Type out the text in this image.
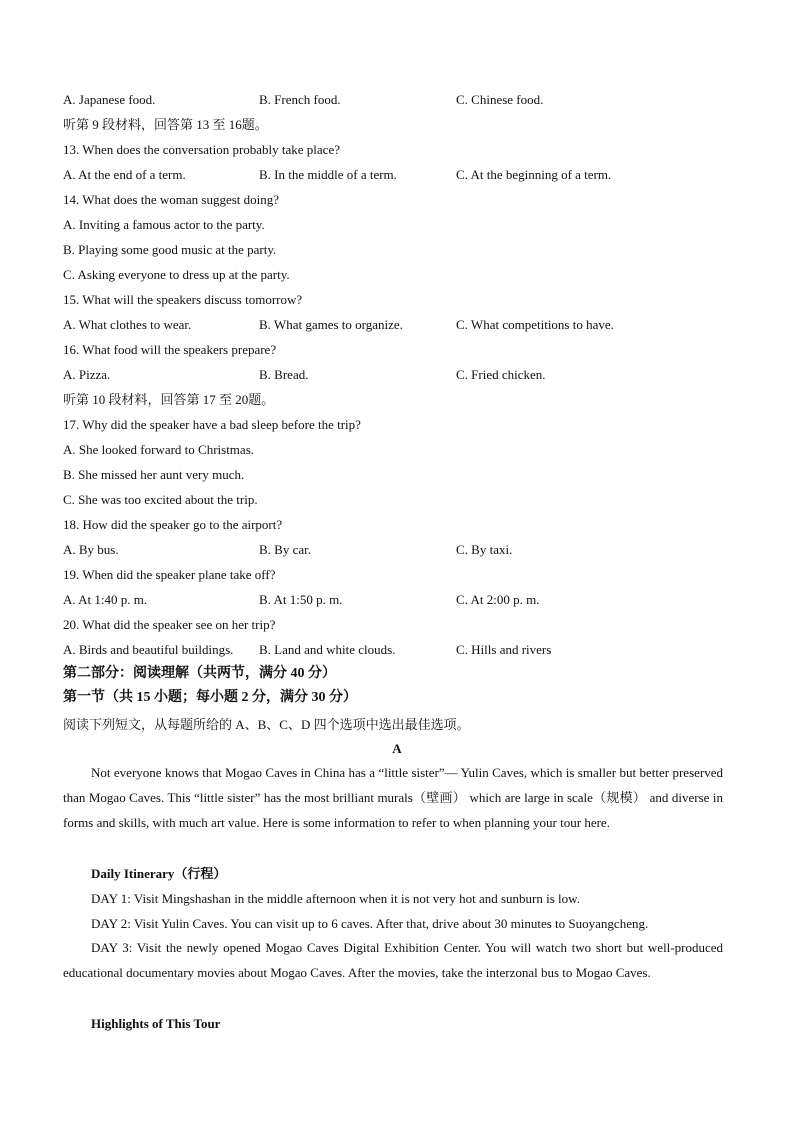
A. Japanese food.	B. French food.	C. Chinese food.
听第 9 段材料，回答第 13 至 16题。
13. When does the conversation probably take place?
A. At the end of a term.	B. In the middle of a term.	C. At the beginning of a term.
14. What does the woman suggest doing?
A. Inviting a famous actor to the party.
B. Playing some good music at the party.
C. Asking everyone to dress up at the party.
15. What will the speakers discuss tomorrow?
A. What clothes to wear.	B. What games to organize.	C. What competitions to have.
16. What food will the speakers prepare?
A. Pizza.	B. Bread.	C. Fried chicken.
听第 10 段材料，回答第 17 至 20题。
17. Why did the speaker have a bad sleep before the trip?
A. She looked forward to Christmas.
B. She missed her aunt very much.
C. She was too excited about the trip.
18. How did the speaker go to the airport?
A. By bus.	B. By car.	C. By taxi.
19. When did the speaker plane take off?
A. At 1:40 p. m.	B. At 1:50 p. m.	C. At 2:00 p. m.
20. What did the speaker see on her trip?
A. Birds and beautiful buildings. B. Land and white clouds.	C. Hills and rivers
第二部分：阅读理解（共两节，满分 40 分）
第一节（共 15 小题；每小题 2 分，满分 30 分）
阅读下列短文，从每题所给的 A、B、C、D 四个选项中选出最佳选项。
A
Not everyone knows that Mogao Caves in China has a “little sister”— Yulin Caves, which is smaller but better preserved than Mogao Caves. This “little sister” has the most brilliant murals（壁画） which are large in scale（规模） and diverse in forms and skills, with much art value. Here is some information to refer to when planning your tour here.
Daily Itinerary（行程）
DAY 1: Visit Mingshashan in the middle afternoon when it is not very hot and sunburn is low.
DAY 2: Visit Yulin Caves. You can visit up to 6 caves. After that, drive about 30 minutes to Suoyangcheng.
DAY 3: Visit the newly opened Mogao Caves Digital Exhibition Center. You will watch two short but well-produced educational documentary movies about Mogao Caves. After the movies, take the interzonal bus to Mogao Caves.
Highlights of This Tour
